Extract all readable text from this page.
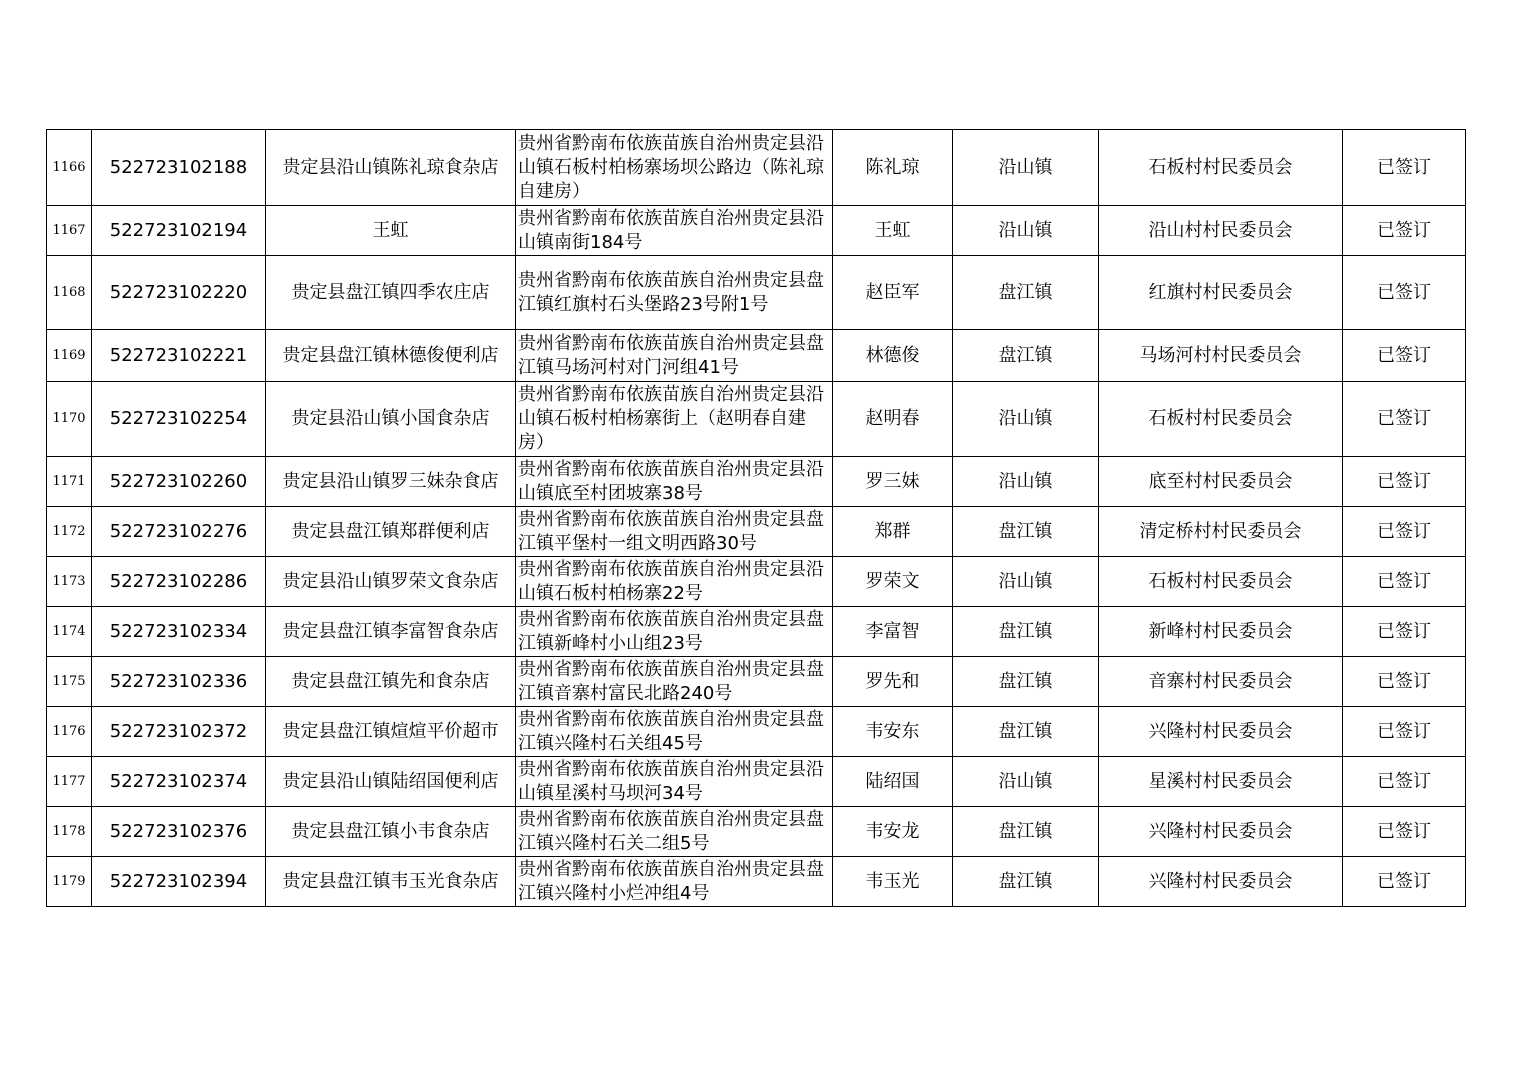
1166	522723102188	贵定县沿山镇陈礼琼食杂店	贵州省黔南布依族苗族自治州贵定县沿山镇石板村柏杨寨场坝公路边（陈礼琼自建房）	陈礼琼	沿山镇	石板村村民委员会	已签订
1167	522723102194	王虹	贵州省黔南布依族苗族自治州贵定县沿山镇南街184号	王虹	沿山镇	沿山村村民委员会	已签订
1168	522723102220	贵定县盘江镇四季农庄店	贵州省黔南布依族苗族自治州贵定县盘江镇红旗村石头堡路23号附1号	赵臣军	盘江镇	红旗村村民委员会	已签订
1169	522723102221	贵定县盘江镇林德俊便利店	贵州省黔南布依族苗族自治州贵定县盘江镇马场河村对门河组41号	林德俊	盘江镇	马场河村村民委员会	已签订
1170	522723102254	贵定县沿山镇小国食杂店	贵州省黔南布依族苗族自治州贵定县沿山镇石板村柏杨寨街上（赵明春自建房）	赵明春	沿山镇	石板村村民委员会	已签订
1171	522723102260	贵定县沿山镇罗三妹杂食店	贵州省黔南布依族苗族自治州贵定县沿山镇底至村团坡寨38号	罗三妹	沿山镇	底至村村民委员会	已签订
1172	522723102276	贵定县盘江镇郑群便利店	贵州省黔南布依族苗族自治州贵定县盘江镇平堡村一组文明西路30号	郑群	盘江镇	清定桥村村民委员会	已签订
1173	522723102286	贵定县沿山镇罗荣文食杂店	贵州省黔南布依族苗族自治州贵定县沿山镇石板村柏杨寨22号	罗荣文	沿山镇	石板村村民委员会	已签订
1174	522723102334	贵定县盘江镇李富智食杂店	贵州省黔南布依族苗族自治州贵定县盘江镇新峰村小山组23号	李富智	盘江镇	新峰村村民委员会	已签订
1175	522723102336	贵定县盘江镇先和食杂店	贵州省黔南布依族苗族自治州贵定县盘江镇音寨村富民北路240号	罗先和	盘江镇	音寨村村民委员会	已签订
1176	522723102372	贵定县盘江镇煊煊平价超市	贵州省黔南布依族苗族自治州贵定县盘江镇兴隆村石关组45号	韦安东	盘江镇	兴隆村村民委员会	已签订
1177	522723102374	贵定县沿山镇陆绍国便利店	贵州省黔南布依族苗族自治州贵定县沿山镇星溪村马坝河34号	陆绍国	沿山镇	星溪村村民委员会	已签订
1178	522723102376	贵定县盘江镇小韦食杂店	贵州省黔南布依族苗族自治州贵定县盘江镇兴隆村石关二组5号	韦安龙	盘江镇	兴隆村村民委员会	已签订
1179	522723102394	贵定县盘江镇韦玉光食杂店	贵州省黔南布依族苗族自治州贵定县盘江镇兴隆村小烂冲组4号	韦玉光	盘江镇	兴隆村村民委员会	已签订
